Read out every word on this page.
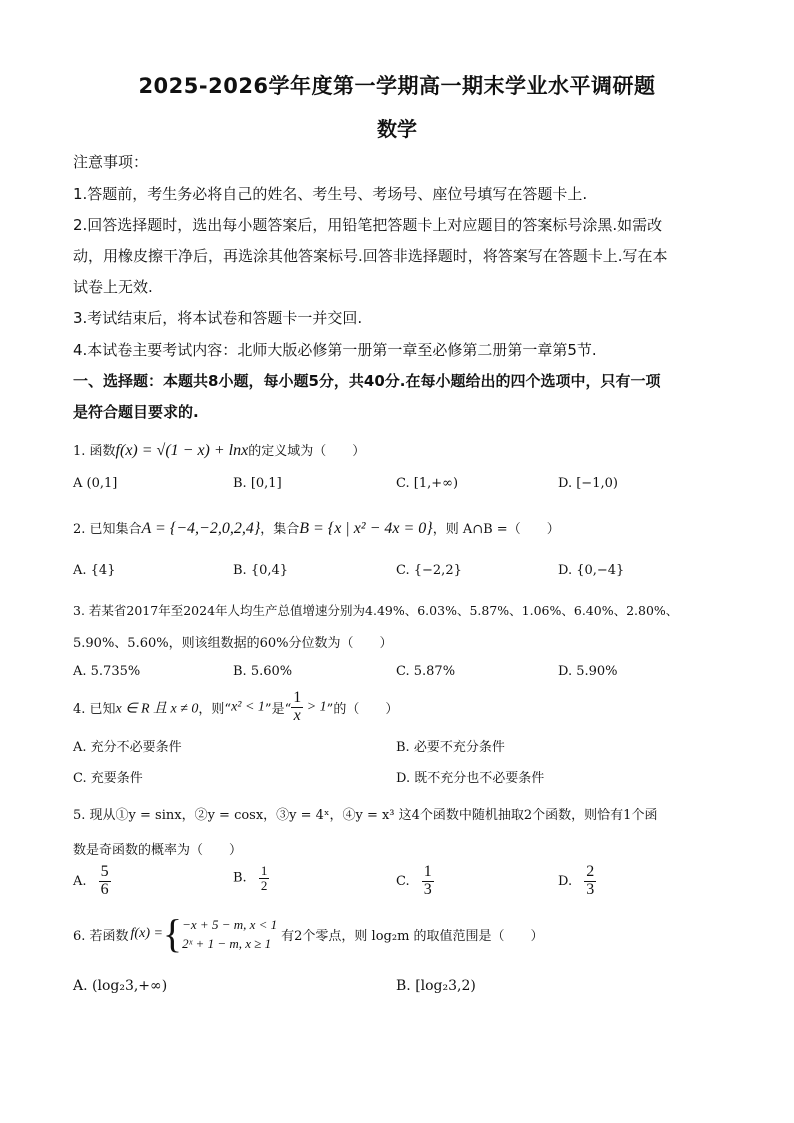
2025-2026学年度第一学期高一期末学业水平调研题
数学
注意事项：
1.答题前，考生务必将自己的姓名、考生号、考场号、座位号填写在答题卡上.
2.回答选择题时，选出每小题答案后，用铅笔把答题卡上对应题目的答案标号涂黑.如需改
动，用橡皮擦干净后，再选涂其他答案标号.回答非选择题时，将答案写在答题卡上.写在本
试卷上无效.
3.考试结束后，将本试卷和答题卡一并交回.
4.本试卷主要考试内容：北师大版必修第一册第一章至必修第二册第一章第5节.
一、选择题：本题共8小题，每小题5分，共40分.在每小题给出的四个选项中，只有一项
是符合题目要求的.
1. 函数f(x) = √(1 − x) + lnx的定义域为（　　）
A (0,1]	B. [0,1]	C. [1,+∞)	D. [−1,0)
2. 已知集合A = {−4,−2,0,2,4}，集合B = {x | x² − 4x = 0}，则 A∩B =（　　）
A. {4}	B. {0,4}	C. {−2,2}	D. {0,−4}
3. 若某省2017年至2024年人均生产总值增速分别为4.49%、6.03%、5.87%、1.06%、6.40%、2.80%、
5.90%、5.60%，则该组数据的60%分位数为（　　）
A. 5.735%	B. 5.60%	C. 5.87%	D. 5.90%
4. 已知x ∈ R 且 x ≠ 0，则“x² < 1”是“ $\frac{1}{x} > 1$”的（　　）
A. 充分不必要条件	B. 必要不充分条件
C. 充要条件	D. 既不充分也不必要条件
5. 现从①y = sinx，②y = cosx，③y = 4ˣ，④y = x³ 这4个函数中随机抽取2个函数，则恰有1个函
数是奇函数的概率为（　　）
A. $\frac{5}{6}$	B. $\frac{1}{2}$	C. $\frac{1}{3}$	D. $\frac{2}{3}$
6. 若函数 f(x) = { −x + 5 − m, x < 1
2ˣ + 1 − m, x ≥ 1 有2个零点，则 log₂m 的取值范围是（　　）
A. (log₂3,+∞)	B. [log₂3,2)
